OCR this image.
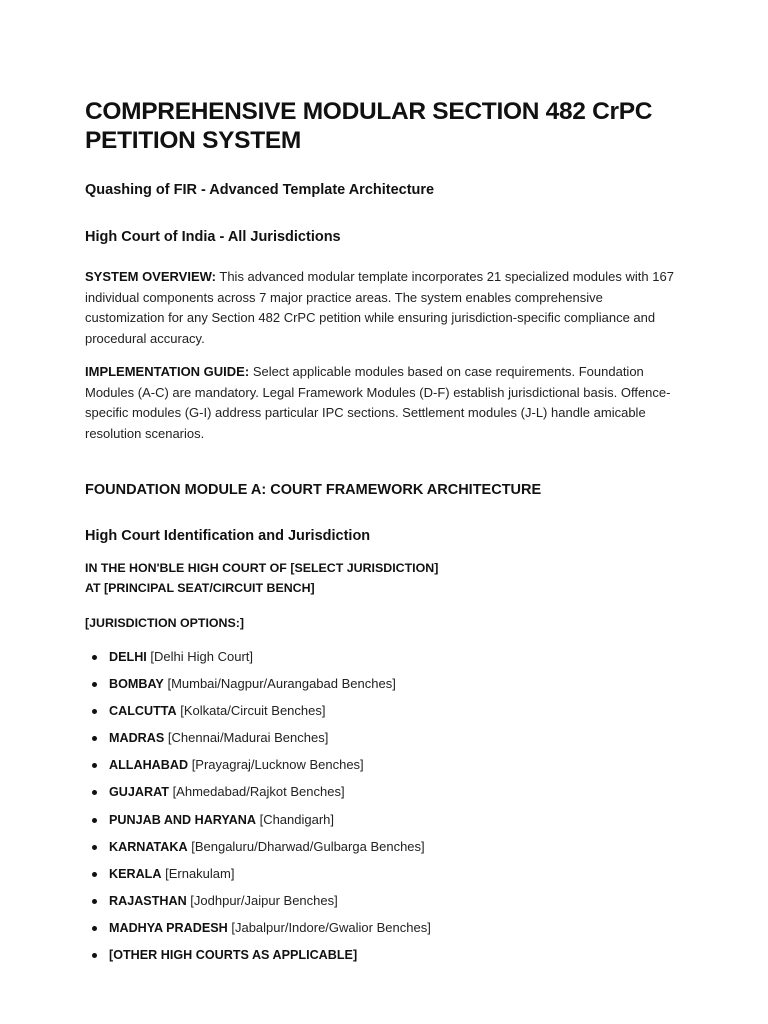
COMPREHENSIVE MODULAR SECTION 482 CrPC PETITION SYSTEM
Quashing of FIR - Advanced Template Architecture
High Court of India - All Jurisdictions

SYSTEM OVERVIEW: This advanced modular template incorporates 21 specialized modules with 167 individual components across 7 major practice areas. The system enables comprehensive customization for any Section 482 CrPC petition while ensuring jurisdiction-specific compliance and procedural accuracy.

IMPLEMENTATION GUIDE: Select applicable modules based on case requirements. Foundation Modules (A-C) are mandatory. Legal Framework Modules (D-F) establish jurisdictional basis. Offence-specific modules (G-I) address particular IPC sections. Settlement modules (J-L) handle amicable resolution scenarios.

FOUNDATION MODULE A: COURT FRAMEWORK ARCHITECTURE
High Court Identification and Jurisdiction
IN THE HON'BLE HIGH COURT OF [SELECT JURISDICTION]
AT [PRINCIPAL SEAT/CIRCUIT BENCH]
[JURISDICTION OPTIONS:]
DELHI [Delhi High Court]
BOMBAY [Mumbai/Nagpur/Aurangabad Benches]
CALCUTTA [Kolkata/Circuit Benches]
MADRAS [Chennai/Madurai Benches]
ALLAHABAD [Prayagraj/Lucknow Benches]
GUJARAT [Ahmedabad/Rajkot Benches]
PUNJAB AND HARYANA [Chandigarh]
KARNATAKA [Bengaluru/Dharwad/Gulbarga Benches]
KERALA [Ernakulam]
RAJASTHAN [Jodhpur/Jaipur Benches]
MADHYA PRADESH [Jabalpur/Indore/Gwalior Benches]
[OTHER HIGH COURTS AS APPLICABLE]
